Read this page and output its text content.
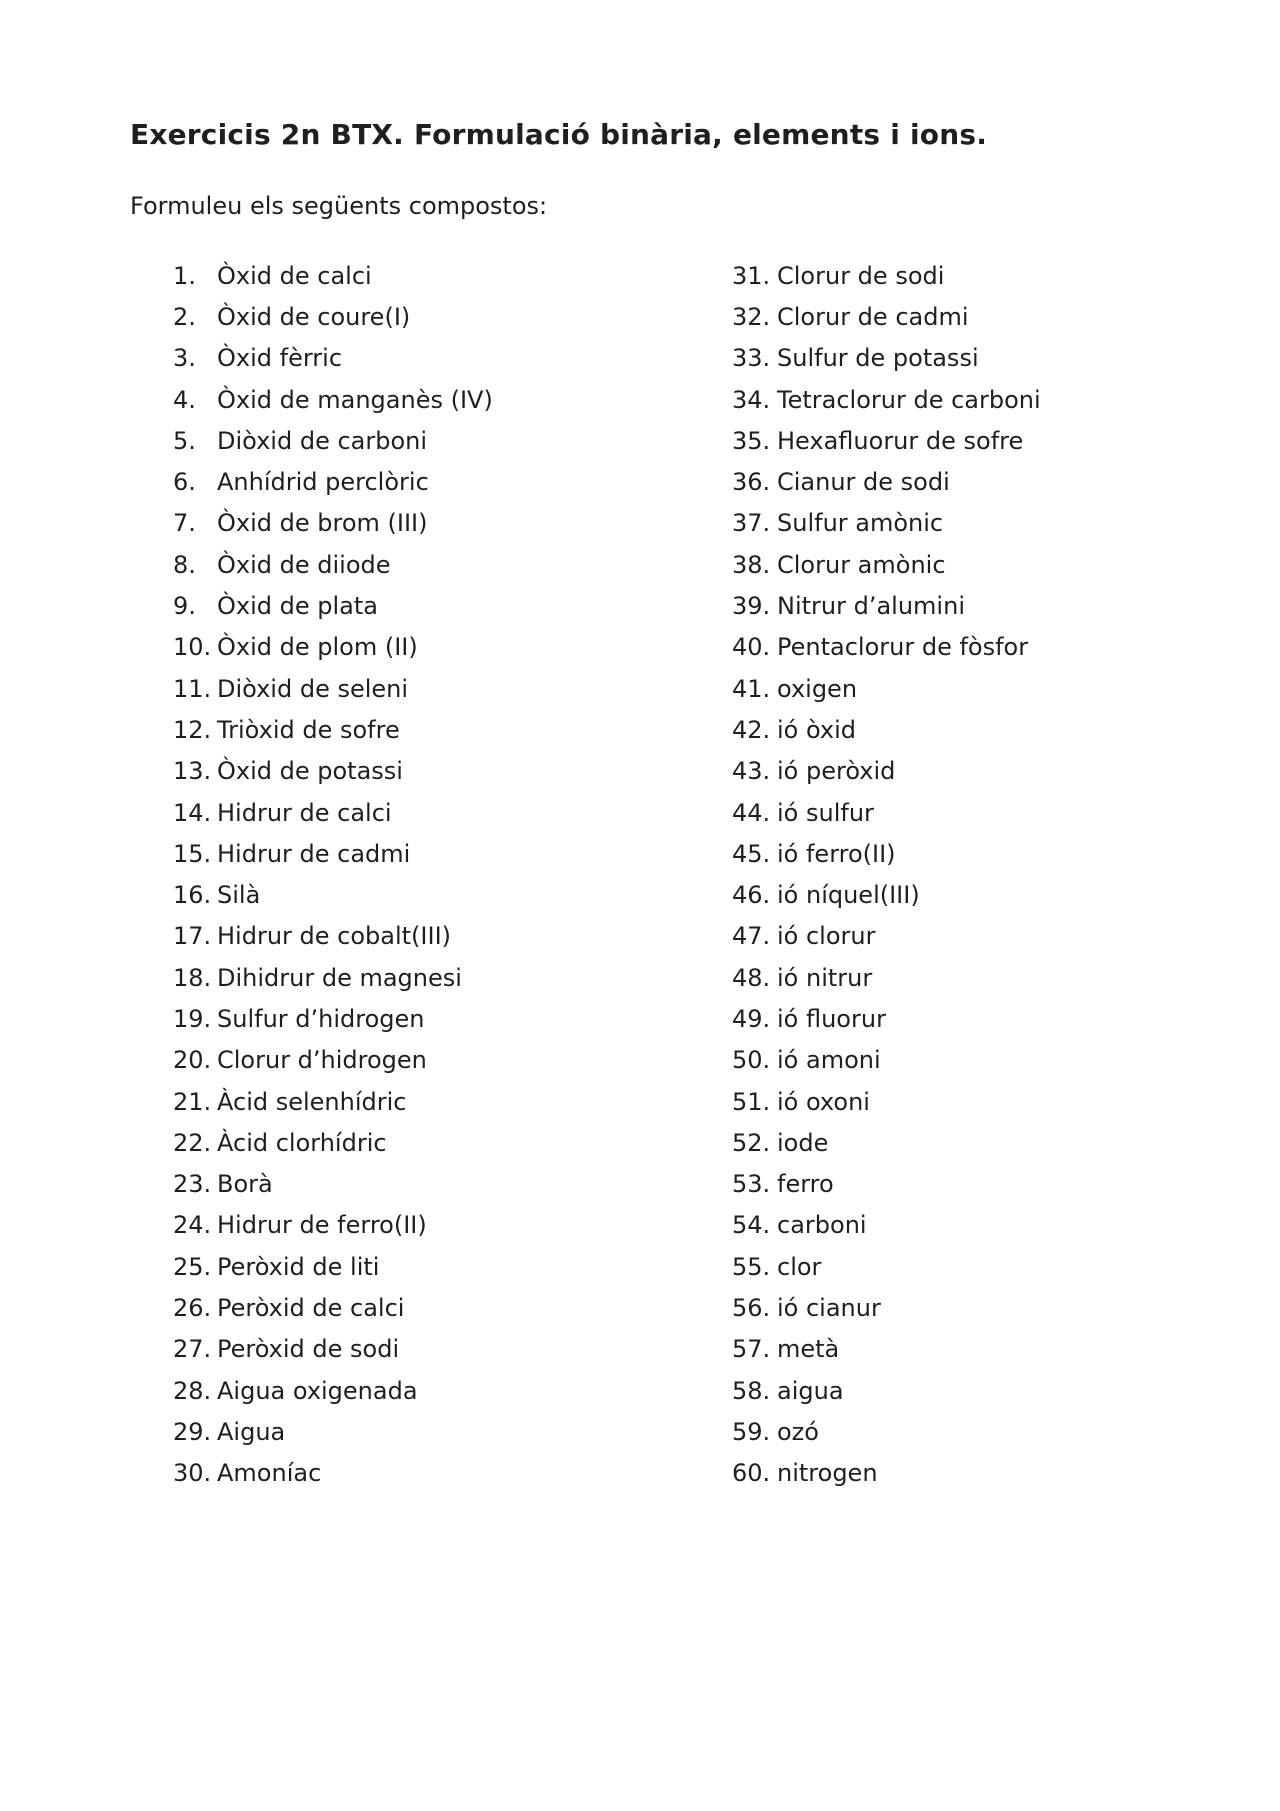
Exercicis 2n BTX. Formulació binària, elements i ions.

Formuleu els següents compostos:

1. Òxid de calci
2. Òxid de coure(I)
3. Òxid fèrric
4. Òxid de manganès (IV)
5. Diòxid de carboni
6. Anhídrid perclòric
7. Òxid de brom (III)
8. Òxid de diiode
9. Òxid de plata
10. Òxid de plom (II)
11. Diòxid de seleni
12. Triòxid de sofre
13. Òxid de potassi
14. Hidrur de calci
15. Hidrur de cadmi
16. Silà
17. Hidrur de cobalt(III)
18. Dihidrur de magnesi
19. Sulfur d’hidrogen
20. Clorur d’hidrogen
21. Àcid selenhídric
22. Àcid clorhídric
23. Borà
24. Hidrur de ferro(II)
25. Peròxid de liti
26. Peròxid de calci
27. Peròxid de sodi
28. Aigua oxigenada
29. Aigua
30. Amoníac
31. Clorur de sodi
32. Clorur de cadmi
33. Sulfur de potassi
34. Tetraclorur de carboni
35. Hexafluorur de sofre
36. Cianur de sodi
37. Sulfur amònic
38. Clorur amònic
39. Nitrur d’alumini
40. Pentaclorur de fòsfor
41. oxigen
42. ió òxid
43. ió peròxid
44. ió sulfur
45. ió ferro(II)
46. ió níquel(III)
47. ió clorur
48. ió nitrur
49. ió fluorur
50. ió amoni
51. ió oxoni
52. iode
53. ferro
54. carboni
55. clor
56. ió cianur
57. metà
58. aigua
59. ozó
60. nitrogen
